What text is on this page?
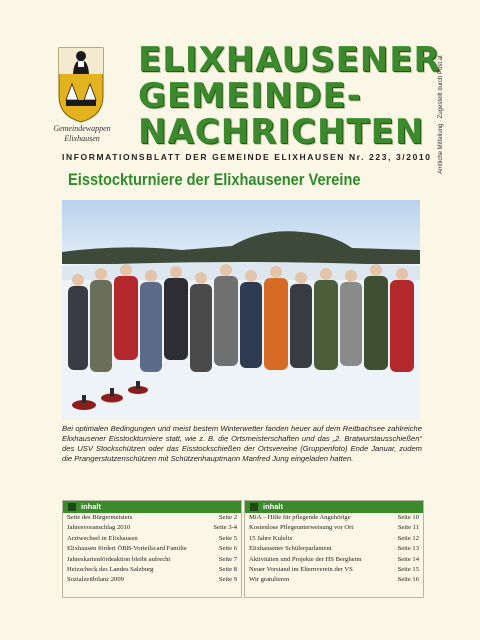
Gemeindewappen
Elixhausen
ELIXHAUSENER
GEMEINDE-
NACHRICHTEN	Amtliche Mitteilung · Zugestellt durch Post.at
INFORMATIONSBLATT DER GEMEINDE ELIXHAUSEN Nr. 223, 3/2010
Eisstockturniere der Elixhausener Vereine
Bei optimalen Bedingungen und meist bestem Winterwetter fanden heuer auf dem Reitbachsee zahlreiche Elixhausener Eisstockturniere statt, wie z. B. die Ortsmeisterschaften und das „2. Bratwurstausschießen“ des USV Stockschützen oder das Eisstockschießen der Ortsvereine (Gruppenfoto) Ende Januar, zudem die Prangerstutzenschützen mit Schützenhauptmann Manfred Jung eingeladen hatten.
inhalt
Seite des Bürgermeisters	Seite 2
Jahresvoranschlag 2010	Seite 3-4
Arztwechsel in Elixhausen	Seite 5
Elixhausen fördert ÖBB-Vorteilscard Familie	Seite 6
Jahreskartenfördeaktion bleibt aufrecht	Seite 7
Heizscheck des Landes Salzburg	Seite 8
Sozialzeitbilanz 2009	Seite 9
inhalt
MiA – Hilfe für pflegende Angehörige	Seite 10
Kostenlose Pflegeunterweisung vor Ort	Seite 11
15 Jahre Kulelix	Seite 12
Elixhausener Schülerparlament	Seite 13
Aktivitäten und Projekte der HS Bergheim	Seite 14
Neuer Vorstand im Elternverein der VS	Seite 15
Wir gratulieren	Seite 16
